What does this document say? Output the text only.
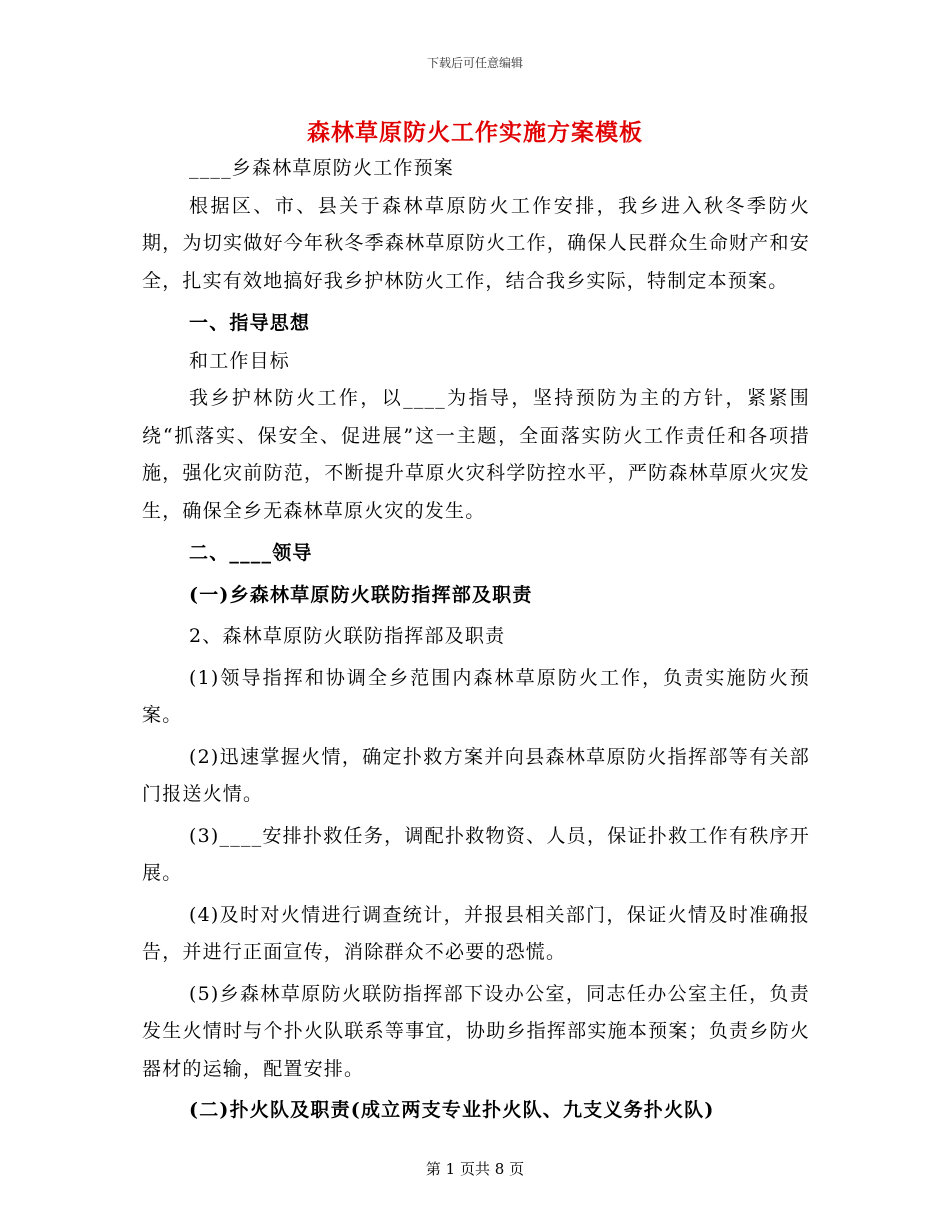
下载后可任意编辑
森林草原防火工作实施方案模板

____乡森林草原防火工作预案

根据区、市、县关于森林草原防火工作安排，我乡进入秋冬季防火期，为切实做好今年秋冬季森林草原防火工作，确保人民群众生命财产和安全，扎实有效地搞好我乡护林防火工作，结合我乡实际，特制定本预案。

一、指导思想

和工作目标

我乡护林防火工作，以____为指导，坚持预防为主的方针，紧紧围绕“抓落实、保安全、促进展”这一主题，全面落实防火工作责任和各项措施，强化灾前防范，不断提升草原火灾科学防控水平，严防森林草原火灾发生，确保全乡无森林草原火灾的发生。

二、____领导

(一)乡森林草原防火联防指挥部及职责

2、森林草原防火联防指挥部及职责

(1)领导指挥和协调全乡范围内森林草原防火工作，负责实施防火预案。

(2)迅速掌握火情，确定扑救方案并向县森林草原防火指挥部等有关部门报送火情。

(3)____安排扑救任务，调配扑救物资、人员，保证扑救工作有秩序开展。

(4)及时对火情进行调查统计，并报县相关部门，保证火情及时准确报告，并进行正面宣传，消除群众不必要的恐慌。

(5)乡森林草原防火联防指挥部下设办公室，同志任办公室主任，负责发生火情时与个扑火队联系等事宜，协助乡指挥部实施本预案；负责乡防火器材的运输，配置安排。

(二)扑火队及职责(成立两支专业扑火队、九支义务扑火队)

第 1 页共 8 页
